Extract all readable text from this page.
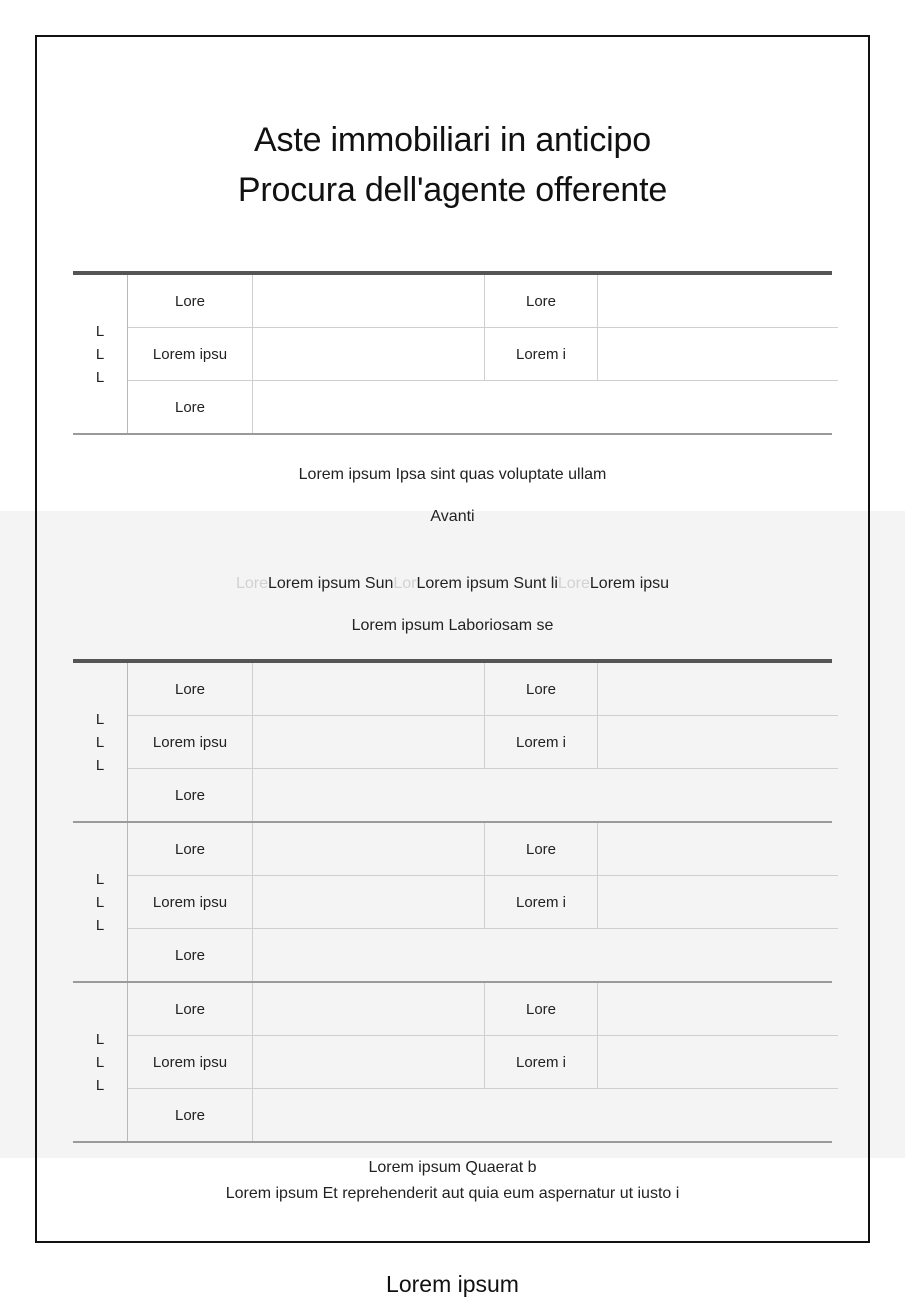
Aste immobiliari in anticipo
Procura dell'agente offerente
L
L
L	Lore		Lore	
	Lorem ipsu		Lorem i	
	Lore			
Lorem ipsum Ipsa sint quas voluptate ullam
Avanti
LoreLorem ipsum SunLorLorem ipsum Sunt liLoreLorem ipsu
Lorem ipsum Laboriosam se
L
L
L	Lore		Lore	
	Lorem ipsu		Lorem i	
	Lore			
L
L
L	Lore		Lore	
	Lorem ipsu		Lorem i	
	Lore			
L
L
L	Lore		Lore	
	Lorem ipsu		Lorem i	
	Lore			
Lorem ipsum Quaerat b
Lorem ipsum Et reprehenderit aut quia eum aspernatur ut iusto i
Lorem ipsum
